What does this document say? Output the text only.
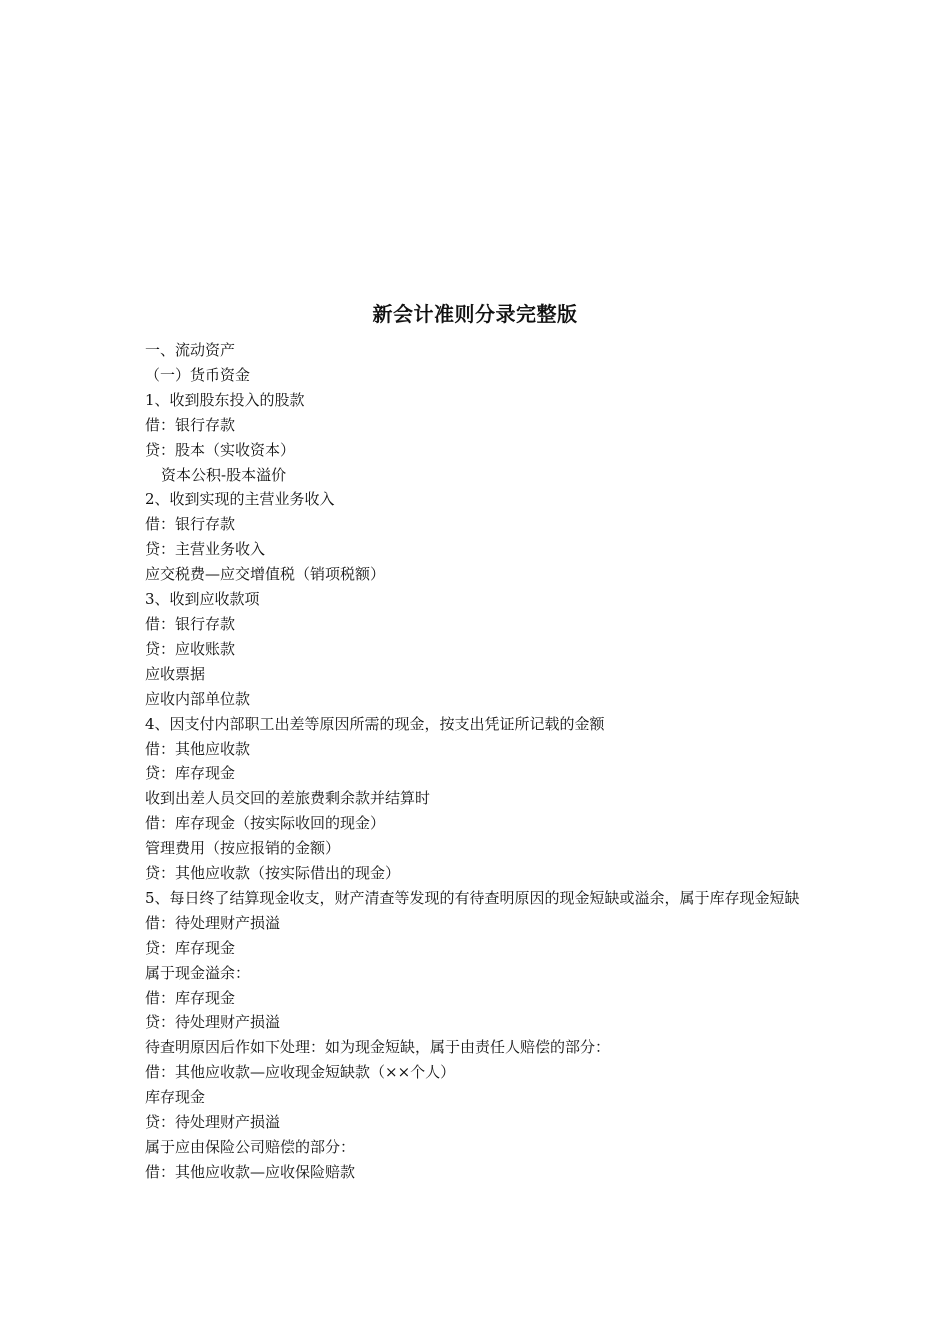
新会计准则分录完整版
一、流动资产
（一）货币资金
1、收到股东投入的股款
借：银行存款
贷：股本（实收资本）
资本公积-股本溢价
2、收到实现的主营业务收入
借：银行存款
贷：主营业务收入
应交税费—应交增值税（销项税额）
3、收到应收款项
借：银行存款
贷：应收账款
应收票据
应收内部单位款
4、因支付内部职工出差等原因所需的现金，按支出凭证所记载的金额
借：其他应收款
贷：库存现金
收到出差人员交回的差旅费剩余款并结算时
借：库存现金（按实际收回的现金）
管理费用（按应报销的金额）
贷：其他应收款（按实际借出的现金）
5、每日终了结算现金收支，财产清查等发现的有待查明原因的现金短缺或溢余，属于库存现金短缺
借：待处理财产损溢
贷：库存现金
属于现金溢余：
借：库存现金
贷：待处理财产损溢
待查明原因后作如下处理：如为现金短缺，属于由责任人赔偿的部分：
借：其他应收款—应收现金短缺款（××个人）
库存现金
贷：待处理财产损溢
属于应由保险公司赔偿的部分：
借：其他应收款—应收保险赔款
